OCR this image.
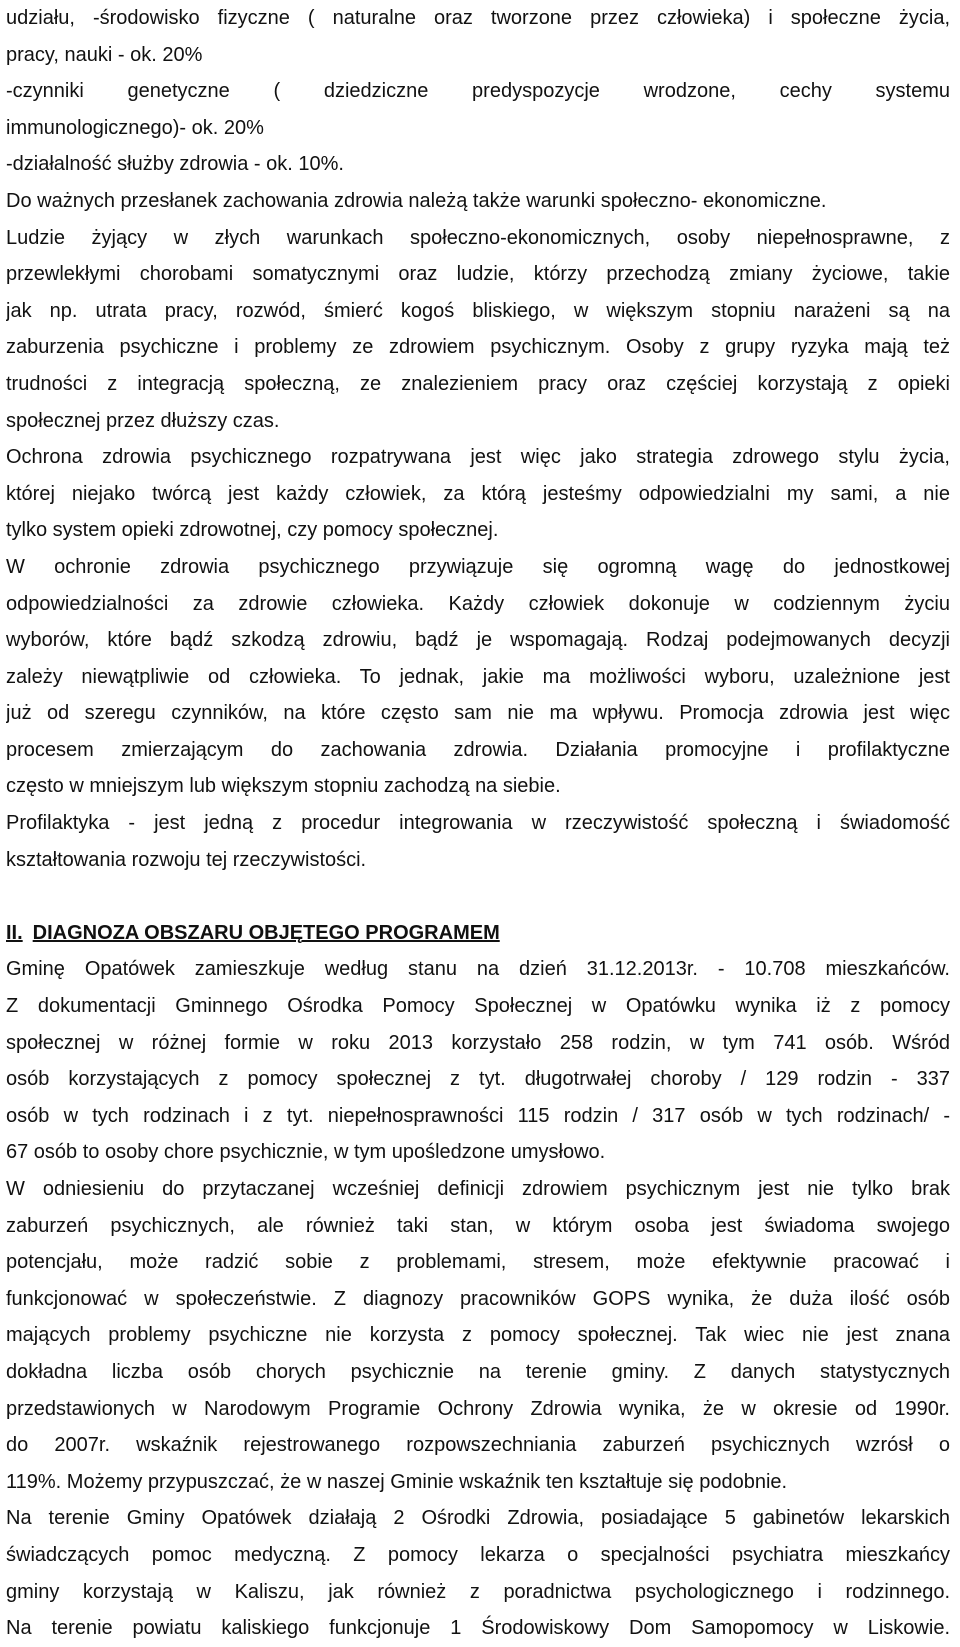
udziału, -środowisko fizyczne ( naturalne oraz tworzone przez człowieka) i społeczne życia,
pracy, nauki - ok. 20%
-czynniki genetyczne ( dziedziczne predyspozycje wrodzone, cechy systemu
immunologicznego)- ok. 20%
-działalność służby zdrowia - ok. 10%.
Do ważnych przesłanek zachowania zdrowia należą także warunki społeczno- ekonomiczne.
Ludzie żyjący w złych warunkach społeczno-ekonomicznych, osoby niepełnosprawne, z
przewlekłymi chorobami somatycznymi oraz ludzie, którzy przechodzą zmiany życiowe, takie
jak np. utrata pracy, rozwód, śmierć kogoś bliskiego, w większym stopniu narażeni są na
zaburzenia psychiczne i problemy ze zdrowiem psychicznym. Osoby z grupy ryzyka mają też
trudności z integracją społeczną, ze znalezieniem pracy oraz częściej korzystają z opieki
społecznej przez dłuższy czas.
Ochrona zdrowia psychicznego rozpatrywana jest więc jako strategia zdrowego stylu życia,
której niejako twórcą jest każdy człowiek, za którą jesteśmy odpowiedzialni my sami, a nie
tylko system opieki zdrowotnej, czy pomocy społecznej.
W ochronie zdrowia psychicznego przywiązuje się ogromną wagę do jednostkowej
odpowiedzialności za zdrowie człowieka. Każdy człowiek dokonuje w codziennym życiu
wyborów, które bądź szkodzą zdrowiu, bądź je wspomagają. Rodzaj podejmowanych decyzji
zależy niewątpliwie od człowieka. To jednak, jakie ma możliwości wyboru, uzależnione jest
już od szeregu czynników, na które często sam nie ma wpływu. Promocja zdrowia jest więc
procesem zmierzającym do zachowania zdrowia. Działania promocyjne i profilaktyczne
często w mniejszym lub większym stopniu zachodzą na siebie.
Profilaktyka - jest jedną z procedur integrowania w rzeczywistość społeczną i świadomość
kształtowania rozwoju tej rzeczywistości.
II. DIAGNOZA OBSZARU OBJĘTEGO PROGRAMEM
Gminę Opatówek zamieszkuje według stanu na dzień 31.12.2013r. - 10.708 mieszkańców.
Z dokumentacji Gminnego Ośrodka Pomocy Społecznej w Opatówku wynika iż z pomocy
społecznej w różnej formie w roku 2013 korzystało 258 rodzin, w tym 741 osób. Wśród
osób korzystających z pomocy społecznej z tyt. długotrwałej choroby / 129 rodzin - 337
osób w tych rodzinach i z tyt. niepełnosprawności 115 rodzin / 317 osób w tych rodzinach/ -
67 osób to osoby chore psychicznie, w tym upośledzone umysłowo.
W odniesieniu do przytaczanej wcześniej definicji zdrowiem psychicznym jest nie tylko brak
zaburzeń psychicznych, ale również taki stan, w którym osoba jest świadoma swojego
potencjału, może radzić sobie z problemami, stresem, może efektywnie pracować i
funkcjonować w społeczeństwie. Z diagnozy pracowników GOPS wynika, że duża ilość osób
mających problemy psychiczne nie korzysta z pomocy społecznej. Tak wiec nie jest znana
dokładna liczba osób chorych psychicznie na terenie gminy. Z danych statystycznych
przedstawionych w Narodowym Programie Ochrony Zdrowia wynika, że w okresie od 1990r.
do 2007r. wskaźnik rejestrowanego rozpowszechniania zaburzeń psychicznych wzrósł o
119%. Możemy przypuszczać, że w naszej Gminie wskaźnik ten kształtuje się podobnie.
Na terenie Gminy Opatówek działają 2 Ośrodki Zdrowia, posiadające 5 gabinetów lekarskich
świadczących pomoc medyczną. Z pomocy lekarza o specjalności psychiatra mieszkańcy
gminy korzystają w Kaliszu, jak również z poradnictwa psychologicznego i rodzinnego.
Na terenie powiatu kaliskiego funkcjonuje 1 Środowiskowy Dom Samopomocy w Liskowie.
